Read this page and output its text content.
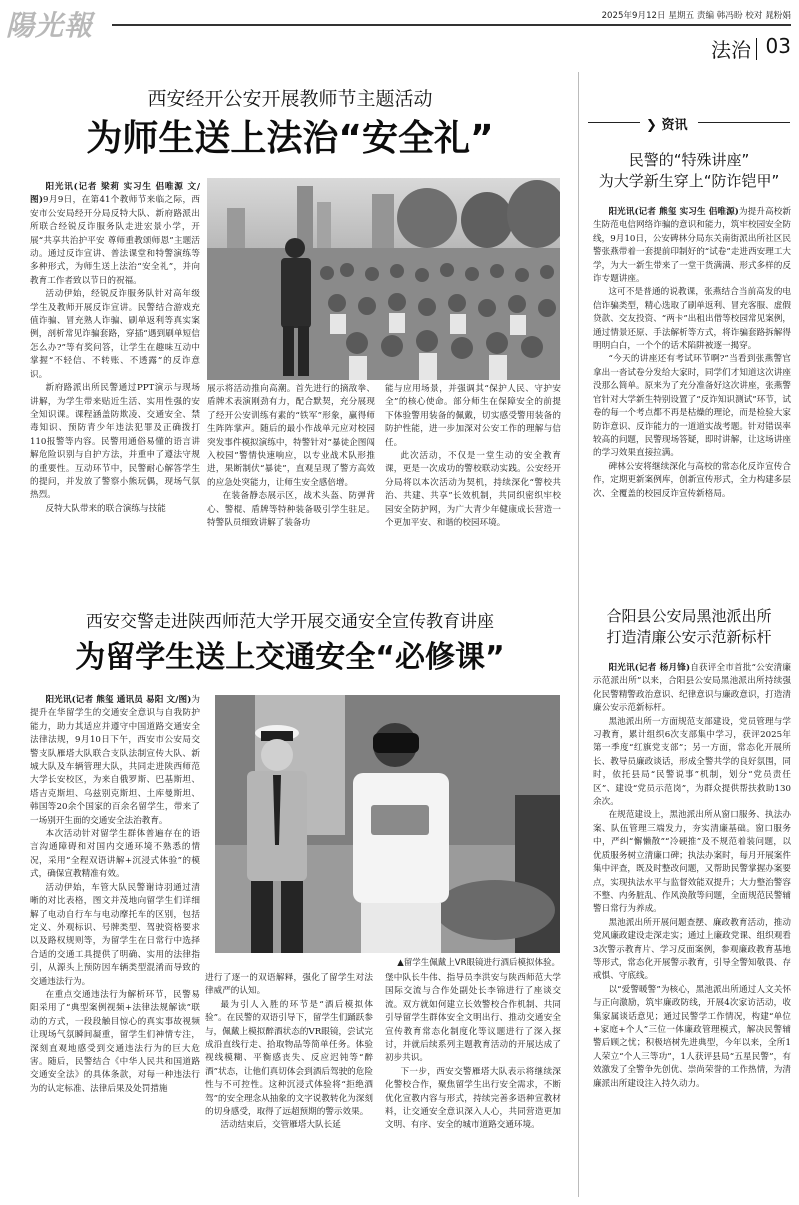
陽光報	2025年9月12日 星期五 责编 韩冯盼 校对 晁粉娟
法治 03
西安经开公安开展教师节主题活动
为师生送上法治“安全礼”

阳光讯(记者 梁莉 实习生 侣唯源 文/图)9月9日，在第41个教师节来临之际，西安市公安局经开分局反特大队、新府路派出所联合经锐反诈服务队走进宏景小学，开展“共享共治护平安 尊师重教颂师恩”主题活动。通过反诈宣讲、普法课堂和特警演练等多种形式，为师生送上法治“安全礼”，并向教育工作者致以节日的祝福。

活动伊始，经锐反诈服务队针对高年级学生及教师开展反诈宣讲。民警结合游戏充值诈骗、冒充熟人诈骗、刷单返利等真实案例，剖析常见诈骗套路，穿插“遇到刷单短信怎么办?”等有奖问答，让学生在趣味互动中掌握“不轻信、不转账、不透露”的反诈意识。

新府路派出所民警通过PPT演示与现场讲解，为学生带来贴近生活、实用性强的安全知识课。课程涵盖防欺凌、交通安全、禁毒知识、预防青少年违法犯罪及正确拨打110报警等内容。民警用通俗易懂的语言讲解危险识别与自护方法，并重申了遵法守规的重要性。互动环节中，民警耐心解答学生的提问，并发放了警察小熊玩偶，现场气氛热烈。

反特大队带来的联合演练与技能

展示将活动推向高潮。首先进行的摘敌拳、盾牌术表演刚劲有力，配合默契，充分展现了经开公安训练有素的“铁军”形象，赢得师生阵阵掌声。随后的最小作战单元应对校园突发事件模拟演练中，特警针对“暴徒企图闯入校园”警情快速响应，以专业战术队形推进，果断制伏“暴徒”，直观呈现了警方高效的应急处突能力，让师生安全感倍增。

在装备静态展示区，战术头盔、防弹背心、警棍、盾牌等特种装备吸引学生驻足。特警队员细致讲解了装备功

能与应用场景，并强调其“保护人民、守护安全”的核心使命。部分师生在保障安全的前提下体验警用装备的佩戴，切实感受警用装备的防护性能，进一步加深对公安工作的理解与信任。

此次活动，不仅是一堂生动的安全教育课，更是一次成功的警校联动实践。公安经开分局将以本次活动为契机，持续深化“警校共治、共建、共享”长效机制，共同织密织牢校园安全防护网，为广大青少年健康成长营造一个更加平安、和谐的校园环境。

❯ 资讯
民警的“特殊讲座”
为大学新生穿上“防诈铠甲”

阳光讯(记者 熊玺 实习生 侣唯源)为提升高校新生防范电信网络诈骗的意识和能力，筑牢校园安全防线，9月10日，公安碑林分局东关南街派出所社区民警张燕带着一套提前印制好的“试卷”走进西安理工大学，为大一新生带来了一堂干货满满、形式多样的反诈专题讲座。

这可不是普通的说教课，张燕结合当前高发的电信诈骗类型，精心选取了刷单返利、冒充客服、虚假贷款、交友投资、“两卡”出租出借等校园常见案例，通过情景还原、手法解析等方式，将诈骗套路拆解得明明白白，一个个的话术陷阱被逐一揭穿。

“今天的讲座还有考试环节啊?”当看到张燕警官拿出一沓试卷分发给大家时，同学们才知道这次讲座没那么简单。原来为了充分准备好这次讲座，张燕警官针对大学新生特别设置了“反诈知识测试”环节，试卷的每一个考点都不再是枯燥的理论，而是检验大家防诈意识、反诈能力的一道道实战考题。针对错误率较高的问题，民警现场答疑，即时讲解，让这场讲座的学习效果直接拉满。

碑林公安将继续深化与高校的常态化反诈宣传合作，定期更新案例库，创新宣传形式，全力构建多层次、全覆盖的校园反诈宣传新格局。

合阳县公安局黑池派出所
打造清廉公安示范新标杆

阳光讯(记者 杨月锋)自获评全市首批“公安清廉示范派出所”以来，合阳县公安局黑池派出所持续强化民警精警政治意识、纪律意识与廉政意识，打造清廉公安示范新标杆。

黑池派出所一方面规范支部建设，党员管理与学习教育，累计组织6次支部集中学习，获评2025年第一季度“红旗党支部”；另一方面，常态化开展所长、教导员廉政谈话，形成全警共学的良好氛围，同时，依托县局“民警说事”机制，划分“党员责任区”、建设“党员示范岗”，为群众提供帮扶救助130余次。

在规范建设上，黑池派出所从窗口服务、执法办案、队伍管理三端发力，夯实清廉基础。窗口服务中，严纠“懈懒散”“冷硬推”及不规范着装问题，以优质服务树立清廉口碑；执法办案时，每月开展案件集中评查，既及时整改问题，又帮助民警掌握办案要点，实现执法水平与监督效能双提升；大力整治警容不整、内务脏乱、作风涣散等问题，全面规范民警辅警日常行为养成。

黑池派出所开展问题查摆、廉政教育活动，推动党风廉政建设走深走实；通过上廉政党课、组织观看3次警示教育片、学习反面案例，参观廉政教育基地等形式，常态化开展警示教育，引导全警知敬畏、存戒惧、守底线。

以“爱警暖警”为核心，黑池派出所通过人文关怀与正向激励，筑牢廉政防线，开展4次家访活动，收集家属谈话意见；通过民警学工作情况，构建“单位+家庭+个人”三位一体廉政管理模式，解决民警辅警后顾之忧；积极培树先进典型，今年以来，全所1人荣立“个人三等功”，1人获评县局“五星民警”，有效激发了全警争先创优、崇尚荣誉的工作热情，为清廉派出所建设注入持久动力。

西安交警走进陕西师范大学开展交通安全宣传教育讲座
为留学生送上交通安全“必修课”

阳光讯(记者 熊玺 通讯员 易阳 文/图)为提升在华留学生的交通安全意识与自我防护能力，助力其适应并遵守中国道路交通安全法律法规，9月10日下午，西安市公安局交警支队雁塔大队联合支队法制宣传大队、新城大队及车辆管理大队，共同走进陕西师范大学长安校区，为来自俄罗斯、巴基斯坦、塔吉克斯坦、乌兹别克斯坦、土库曼斯坦、韩国等20余个国家的百余名留学生，带来了一场别开生面的交通安全法治教育。

本次活动针对留学生群体普遍存在的语言沟通障碍和对国内交通环境不熟悉的情况，采用“全程双语讲解+沉浸式体验”的模式，确保宣教精准有效。

活动伊始，车管大队民警谢诗羽通过清晰的对比表格，图文并茂地向留学生们详细解了电动自行车与电动摩托车的区别，包括定义、外观标识、号牌类型、驾驶资格要求以及路权规则等，为留学生在日常行中选择合适的交通工具提供了明确、实用的法律指引，从源头上预防因车辆类型混淆而导致的交通违法行为。

在重点交通违法行为解析环节，民警易阳采用了“典型案例视频+法律法规解读”联动的方式，一段段触目惊心的真实事故视频让现场气氛瞬间凝重，留学生们神情专注，深刻直观地感受到交通违法行为的巨大危害。随后，民警结合《中华人民共和国道路交通安全法》的具体条款，对每一种违法行为的认定标准、法律后果及处罚措施

▲留学生佩戴上VR眼镜进行酒后模拟体验。

进行了逐一的双语解释，强化了留学生对法律威严的认知。

最为引人入胜的环节是“酒后模拟体验”。在民警的双语引导下，留学生们踊跃参与，佩戴上模拟醉酒状态的VR眼镜，尝试完成沿直线行走、拾取物品等简单任务。体验视线模糊、平衡感丧失、反应迟钝等“醉酒”状态，让他们真切体会到酒后驾驶的危险性与不可控性。这种沉浸式体验将“拒绝酒驾”的安全理念从抽象的文字说教转化为深刻的切身感受，取得了远超预期的警示效果。

活动结束后，交管雁塔大队长延

堡中队长牛伟、指导员李洪安与陕西师范大学国际交流与合作处副处长李锦进行了座谈交流。双方就如何建立长效警校合作机制、共同引导留学生群体安全文明出行、推动交通安全宣传教育常态化制度化等议题进行了深入探讨，并就后续系列主题教育活动的开展达成了初步共识。

下一步，西安交警雁塔大队表示将继续深化警校合作，聚焦留学生出行安全需求，不断优化宣教内容与形式，持续完善多语种宣教材料，让交通安全意识深入人心，共同营造更加文明、有序、安全的城市道路交通环境。
